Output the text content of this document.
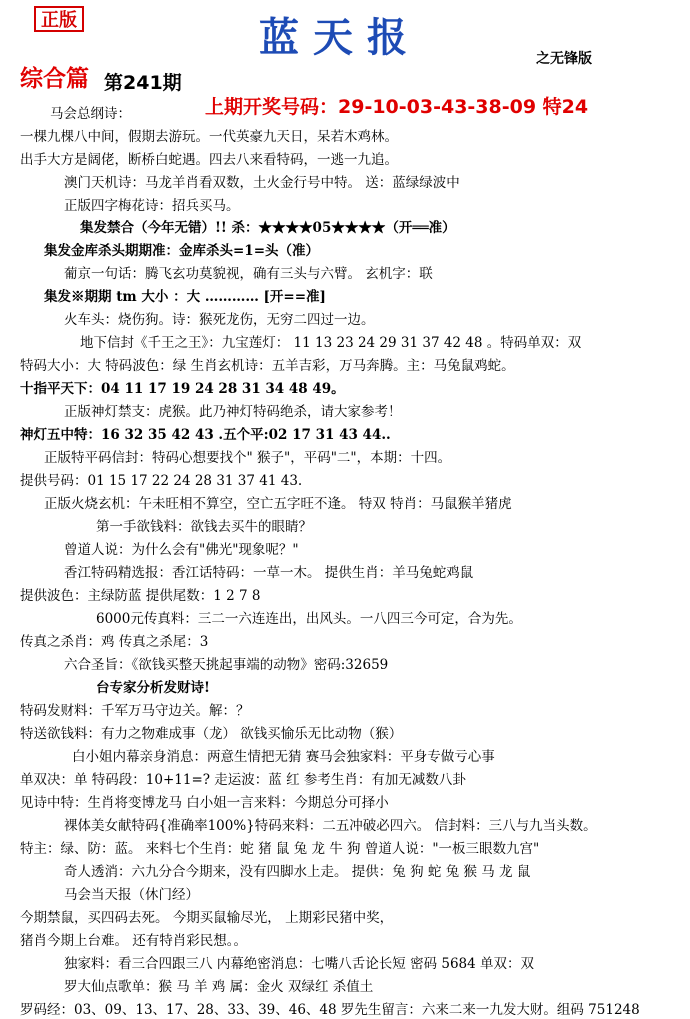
正版	蓝天报	之无锋版
综合篇 第241期
上期开奖号码：29-10-03-43-38-09 特24
马会总纲诗：
一棵九棵八中间，假期去游玩。一代英豪九天日，呆若木鸡林。
出手大方是阔佬，断桥白蛇遇。四去八来看特码，一逃一九追。
澳门天机诗：马龙羊肖看双数，土火金行号中特。 送：蓝绿绿波中
正版四字梅花诗：招兵买马。
集发禁合（今年无错）!! 杀：★★★★05★★★★（开══准）
集发金库杀头期期准：金库杀头=1=头（准）
葡京一句话：腾飞玄功莫貌视，确有三头与六臂。 玄机字：联
集发※期期 tm 大小 ：大 ………… [开==准]
火车头：烧伤狗。诗：猴死龙伤，无穷二四过一边。
地下信封《千王之王》：九宝莲灯： 11 13 23 24 29 31 37 42 48 。特码单双：双
特码大小：大 特码波色：绿 生肖玄机诗：五羊吉彩，万马奔腾。主：马兔鼠鸡蛇。
十指平天下：04 11 17 19 24 28 31 34 48 49。
正版神灯禁支：虎猴。此乃神灯特码绝杀，请大家参考！
神灯五中特：16 32 35 42 43 .五个平:02 17 31 43 44..
正版特平码信封：特码心想要找个" 猴子"，平码"二"，本期：十四。
提供号码：01 15 17 22 24 28 31 37 41 43.
正版火烧玄机：午未旺相不算空，空亡五字旺不逢。 特双 特肖：马鼠猴羊猪虎
第一手欲钱料：欲钱去买牛的眼睛？
曾道人说：为什么会有"佛光"现象呢？"
香江特码精选报：香江话特码：一草一木。 提供生肖：羊马兔蛇鸡鼠
提供波色：主绿防蓝 提供尾数：1 2 7 8
6000元传真料：三二一六连连出，出风头。一八四三今可定，合为先。
传真之杀肖：鸡 传真之杀尾：3
六合圣旨：《欲钱买整天挑起事端的动物》密码:32659
台专家分析发财诗!
特码发财料：千军万马守边关。解：？
特送欲钱料：有力之物难成事（龙） 欲钱买愉乐无比动物（猴）
白小姐内幕亲身消息：两意生情把无猜 赛马会独家料：平身专做亏心事
单双决：单 特码段：10+11=? 走运波：蓝 红 参考生肖：有加无减数八卦
见诗中特：生肖将变博龙马 白小姐一言来料：今期总分可择小
裸体美女献特码{准确率100%}特码来料：二五冲破必四六。 信封料：三八与九当头数。
特主：绿、防：蓝。 来料七个生肖：蛇 猪 鼠 兔 龙 牛 狗 曾道人说："一板三眼数九宫"
奇人透消：六九分合今期来，没有四脚水上走。 提供：兔 狗 蛇 兔 猴 马 龙 鼠
马会当天报（休门经）
今期禁鼠，买四码去死。 今期买鼠输尽光， 上期彩民猪中奖，
猪肖今期上台难。 还有特肖彩民想。。
独家料：看三合四跟三八 内幕绝密消息：七嘴八舌论长短 密码 5684 单双：双
罗大仙点歌单：猴 马 羊 鸡 属：金火 双绿红 杀值土
罗码经：03、09、13、17、28、33、39、46、48 罗先生留言：六来二来一九发大财。组码 751248
